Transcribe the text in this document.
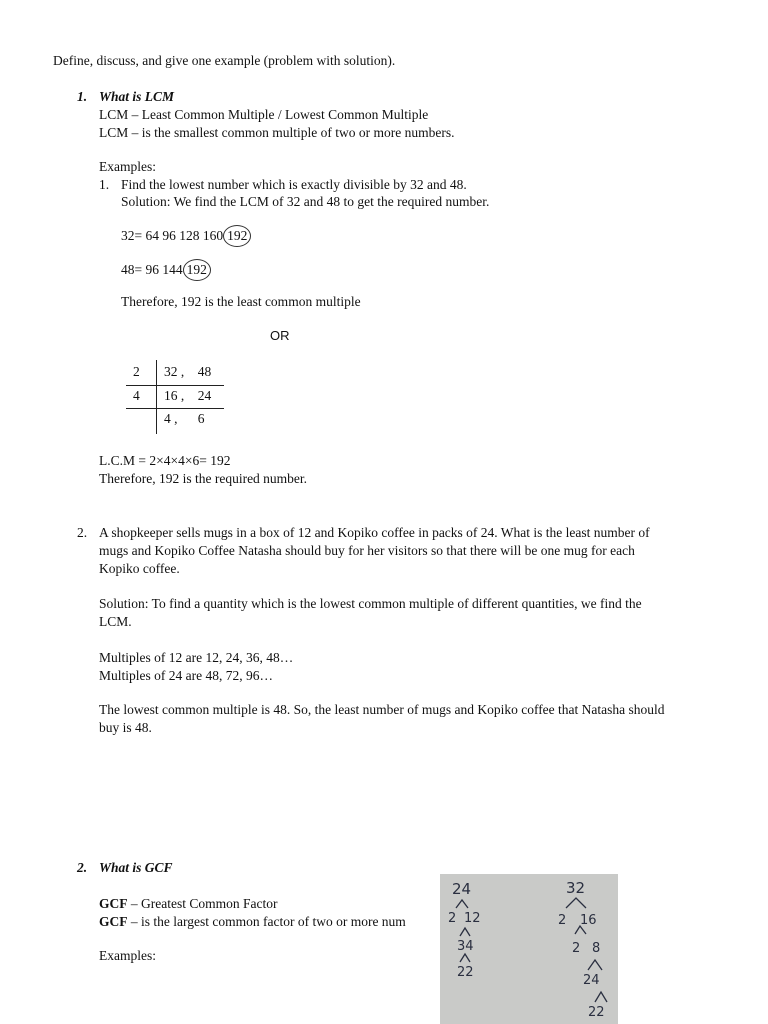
Define, discuss, and give one example (problem with solution).
1. What is LCM
LCM – Least Common Multiple / Lowest Common Multiple
LCM – is the smallest common multiple of two or more numbers.
Examples:
1. Find the lowest number which is exactly divisible by 32 and 48.
Solution: We find the LCM of 32 and 48 to get the required number.
32= 64 96 128 160 192
48= 96 144 192
Therefore, 192 is the least common multiple
OR
2 32 ,    48
4 16 ,    24
4 ,      6
L.C.M = 2×4×4×6= 192
Therefore, 192 is the required number.
2. A shopkeeper sells mugs in a box of 12 and Kopiko coffee in packs of 24. What is the least number of
mugs and Kopiko Coffee Natasha should buy for her visitors so that there will be one mug for each
Kopiko coffee.
Solution: To find a quantity which is the lowest common multiple of different quantities, we find the
LCM.
Multiples of 12 are 12, 24, 36, 48…
Multiples of 24 are 48, 72, 96…
The lowest common multiple is 48. So, the least number of mugs and Kopiko coffee that Natasha should
buy is 48.
2. What is GCF
GCF – Greatest Common Factor
GCF – is the largest common factor of two or more num
Examples:
24
2 12
34
22
32
2 16
2 8
24
22
